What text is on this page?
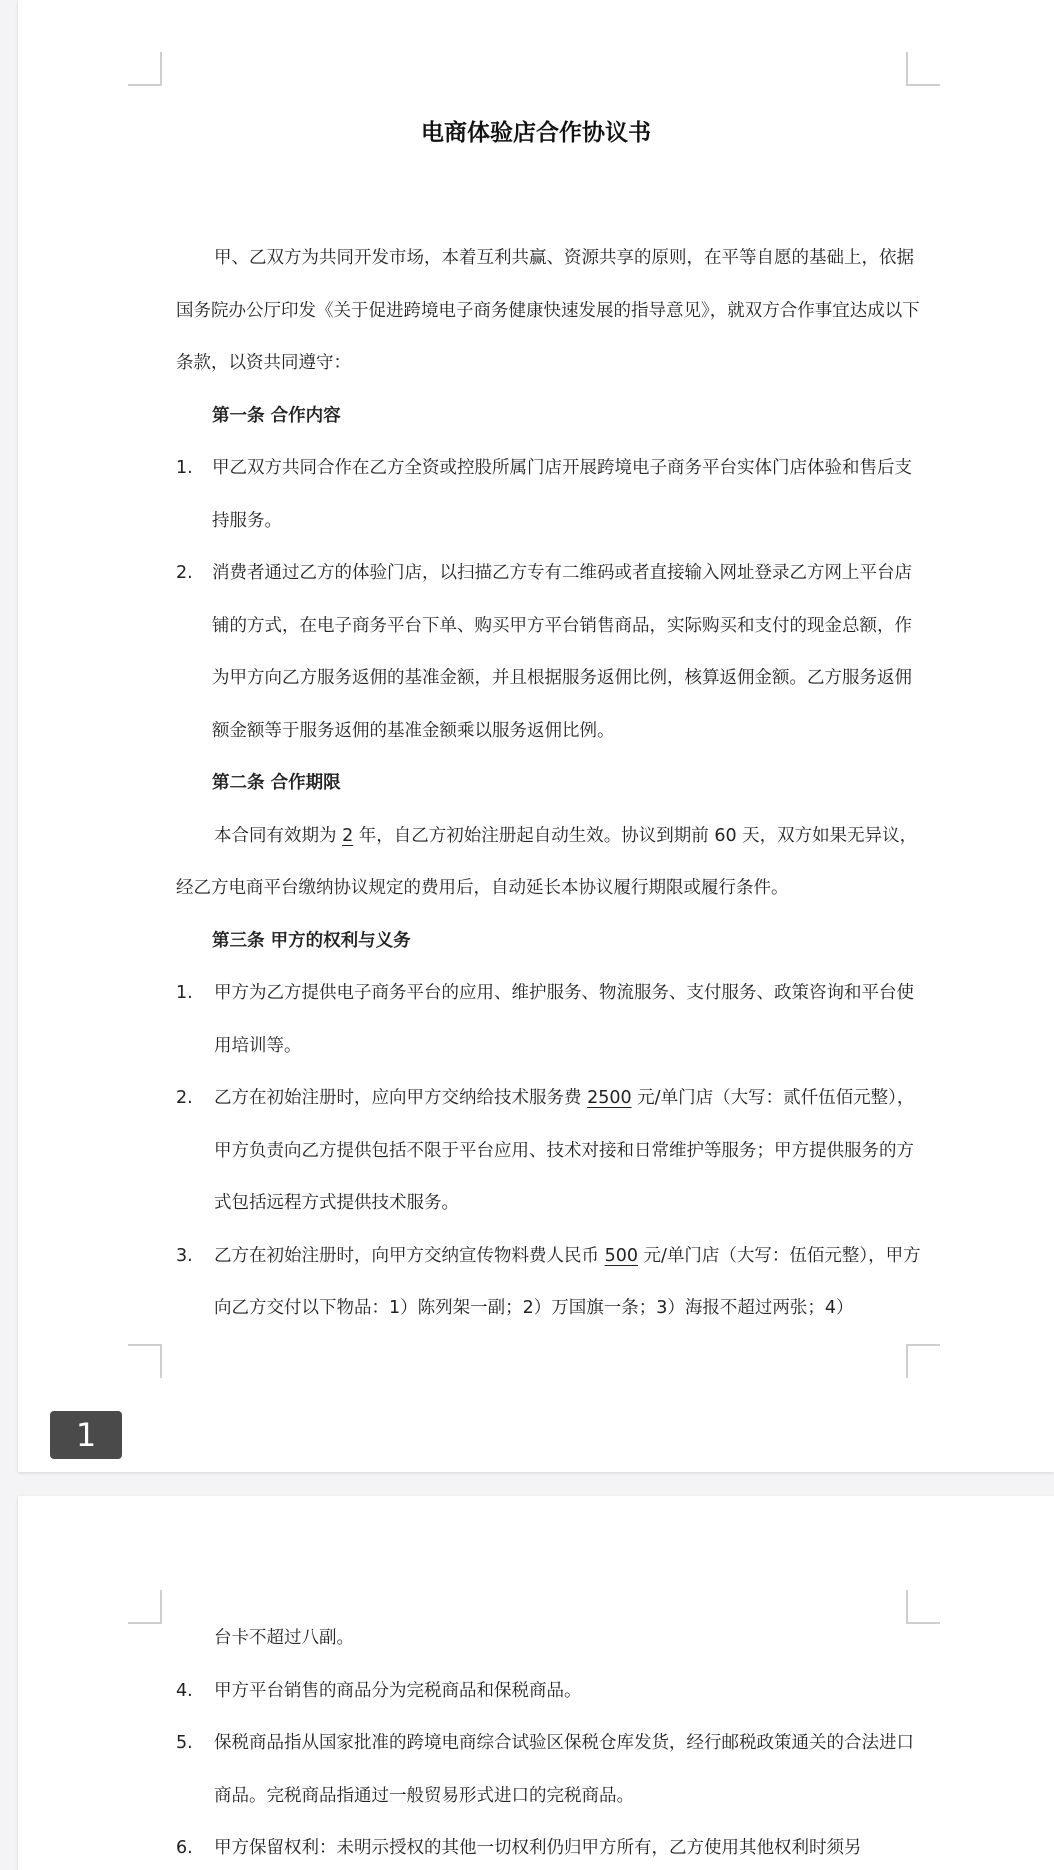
电商体验店合作协议书

甲、乙双方为共同开发市场，本着互利共赢、资源共享的原则，在平等自愿的基础上，依据国务院办公厅印发《关于促进跨境电子商务健康快速发展的指导意见》，就双方合作事宜达成以下条款，以资共同遵守：

第一条 合作内容

1. 甲乙双方共同合作在乙方全资或控股所属门店开展跨境电子商务平台实体门店体验和售后支持服务。

2. 消费者通过乙方的体验门店，以扫描乙方专有二维码或者直接输入网址登录乙方网上平台店铺的方式，在电子商务平台下单、购买甲方平台销售商品，实际购买和支付的现金总额，作为甲方向乙方服务返佣的基准金额，并且根据服务返佣比例，核算返佣金额。乙方服务返佣额金额等于服务返佣的基准金额乘以服务返佣比例。

第二条 合作期限

本合同有效期为 2 年，自乙方初始注册起自动生效。协议到期前 60 天，双方如果无异议，经乙方电商平台缴纳协议规定的费用后，自动延长本协议履行期限或履行条件。

第三条 甲方的权利与义务

1. 甲方为乙方提供电子商务平台的应用、维护服务、物流服务、支付服务、政策咨询和平台使用培训等。

2. 乙方在初始注册时，应向甲方交纳给技术服务费 2500 元/单门店（大写：贰仟伍佰元整），甲方负责向乙方提供包括不限于平台应用、技术对接和日常维护等服务；甲方提供服务的方式包括远程方式提供技术服务。

3. 乙方在初始注册时，向甲方交纳宣传物料费人民币 500 元/单门店（大写：伍佰元整），甲方向乙方交付以下物品：1）陈列架一副；2）万国旗一条；3）海报不超过两张；4）

1

台卡不超过八副。

4. 甲方平台销售的商品分为完税商品和保税商品。

5. 保税商品指从国家批准的跨境电商综合试验区保税仓库发货，经行邮税政策通关的合法进口商品。完税商品指通过一般贸易形式进口的完税商品。

6. 甲方保留权利：未明示授权的其他一切权利仍归甲方所有，乙方使用其他权利时须另
